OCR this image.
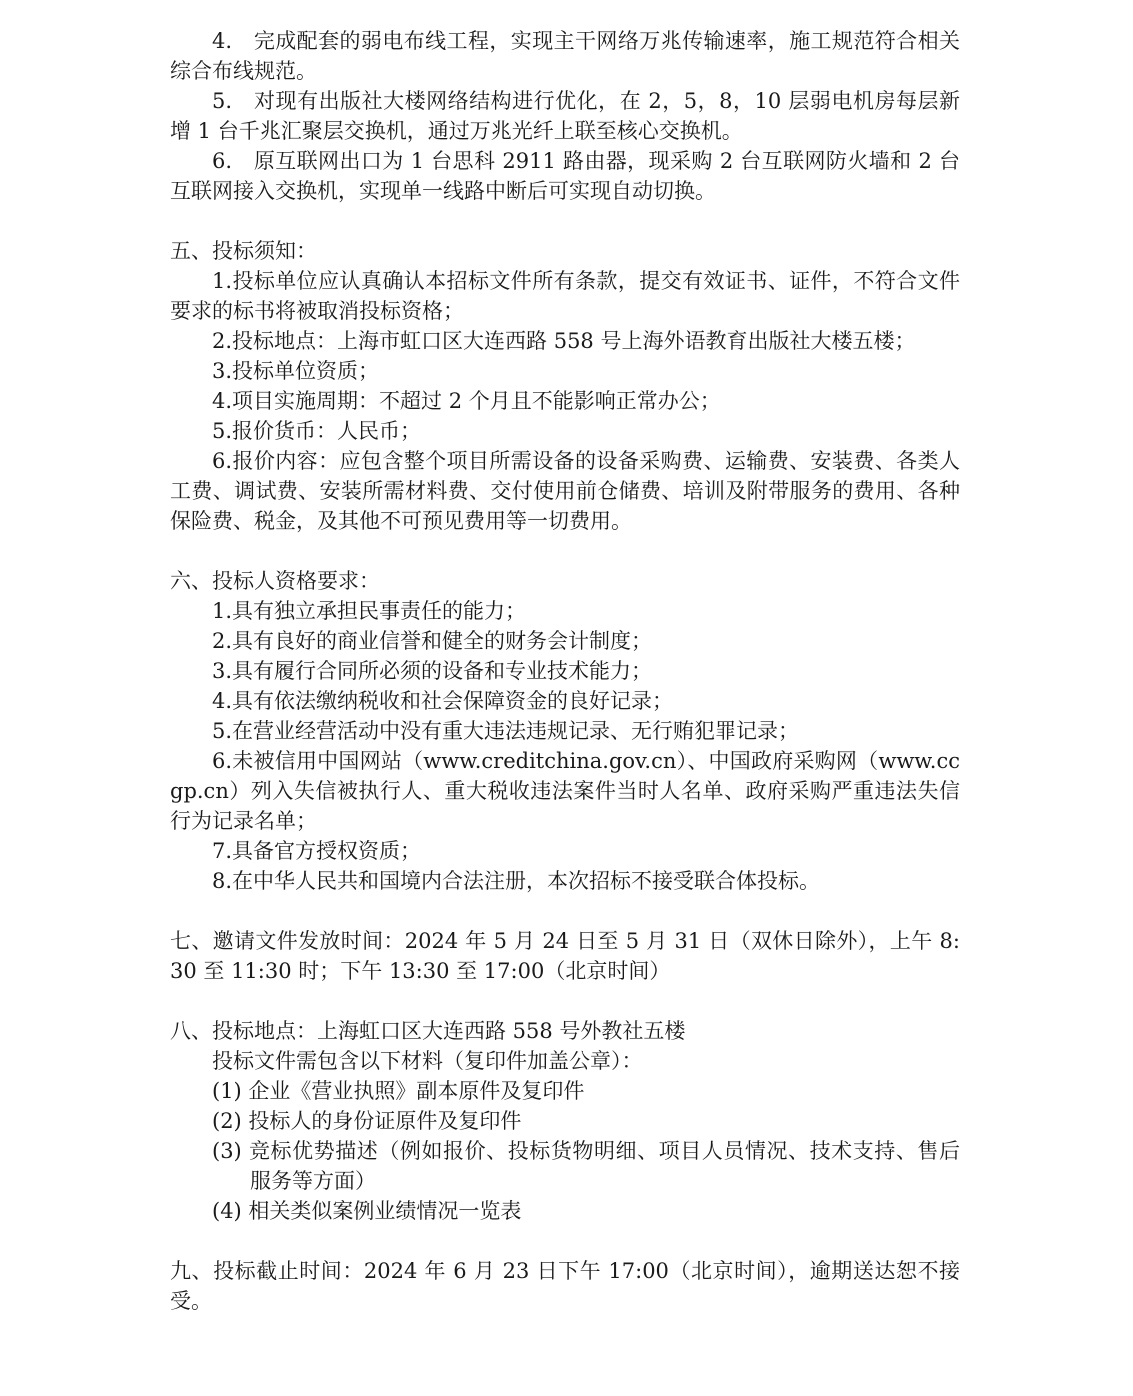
4.　完成配套的弱电布线工程，实现主干网络万兆传输速率，施工规范符合相关综合布线规范。

5.　对现有出版社大楼网络结构进行优化，在 2，5，8，10 层弱电机房每层新增 1 台千兆汇聚层交换机，通过万兆光纤上联至核心交换机。

6.　原互联网出口为 1 台思科 2911 路由器，现采购 2 台互联网防火墙和 2 台互联网接入交换机，实现单一线路中断后可实现自动切换。

五、投标须知：

1.投标单位应认真确认本招标文件所有条款，提交有效证书、证件，不符合文件要求的标书将被取消投标资格；

2.投标地点：上海市虹口区大连西路 558 号上海外语教育出版社大楼五楼；

3.投标单位资质；

4.项目实施周期：不超过 2 个月且不能影响正常办公；

5.报价货币：人民币；

6.报价内容：应包含整个项目所需设备的设备采购费、运输费、安装费、各类人工费、调试费、安装所需材料费、交付使用前仓储费、培训及附带服务的费用、各种保险费、税金，及其他不可预见费用等一切费用。

六、投标人资格要求：

1.具有独立承担民事责任的能力；

2.具有良好的商业信誉和健全的财务会计制度；

3.具有履行合同所必须的设备和专业技术能力；

4.具有依法缴纳税收和社会保障资金的良好记录；

5.在营业经营活动中没有重大违法违规记录、无行贿犯罪记录；

6.未被信用中国网站（www.creditchina.gov.cn）、中国政府采购网（www.ccgp.cn）列入失信被执行人、重大税收违法案件当时人名单、政府采购严重违法失信行为记录名单；

7.具备官方授权资质；

8.在中华人民共和国境内合法注册，本次招标不接受联合体投标。

七、邀请文件发放时间：2024 年 5 月 24 日至 5 月 31 日（双休日除外），上午 8:30 至 11:30 时；下午 13:30 至 17:00（北京时间）

八、投标地点：上海虹口区大连西路 558 号外教社五楼

投标文件需包含以下材料（复印件加盖公章）：

(1) 企业《营业执照》副本原件及复印件

(2) 投标人的身份证原件及复印件

(3) 竞标优势描述（例如报价、投标货物明细、项目人员情况、技术支持、售后服务等方面）

(4) 相关类似案例业绩情况一览表

九、投标截止时间：2024 年 6 月 23 日下午 17:00（北京时间），逾期送达恕不接受。
